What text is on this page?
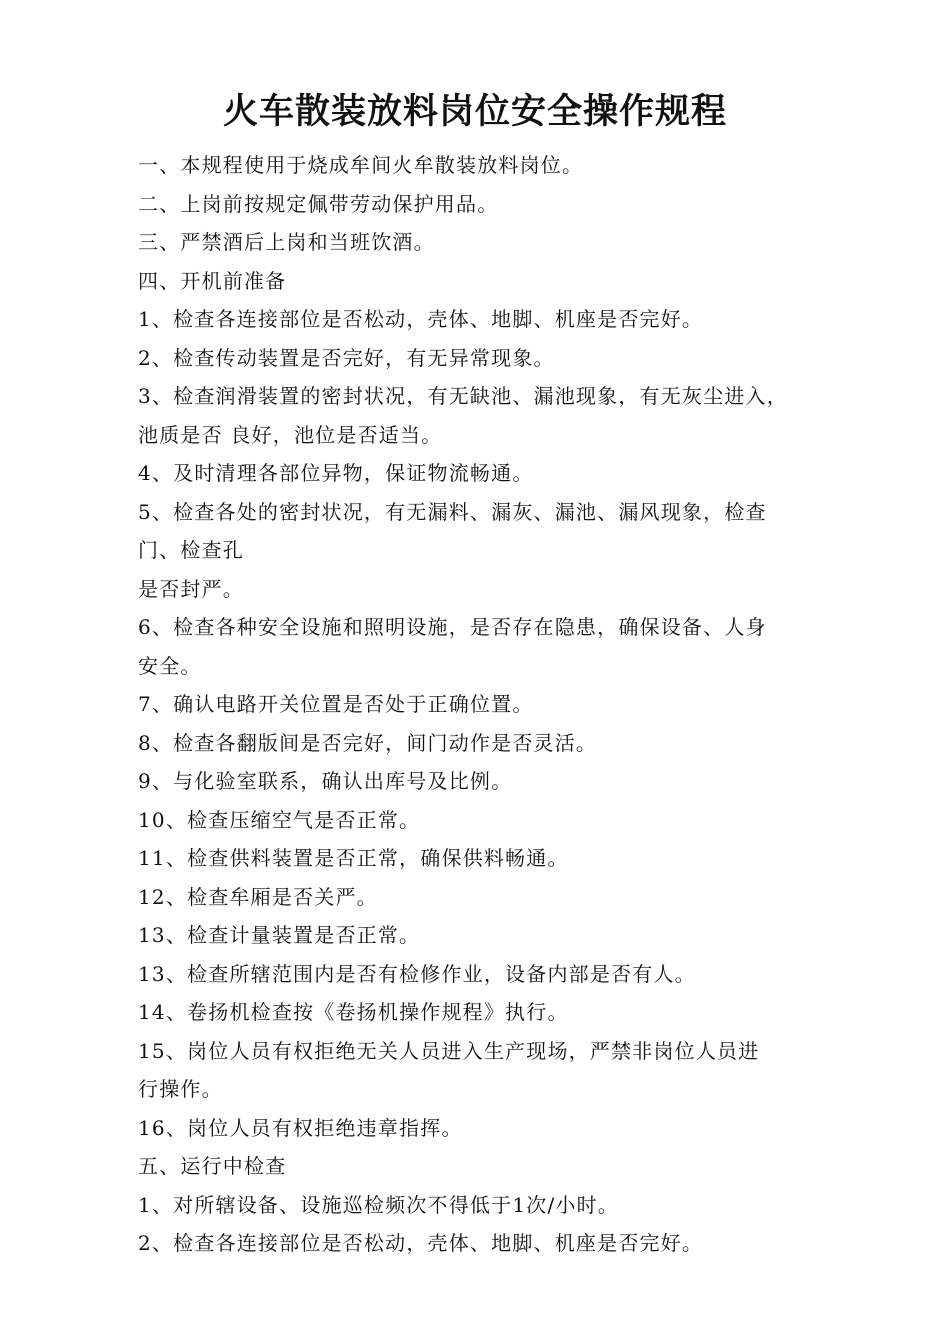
火车散装放料岗位安全操作规程
一、本规程使用于烧成牟间火牟散装放料岗位。
二、上岗前按规定佩带劳动保护用品。
三、严禁酒后上岗和当班饮酒。
四、开机前准备
1、检查各连接部位是否松动，壳体、地脚、机座是否完好。
2、检查传动装置是否完好，有无异常现象。
3、检查润滑装置的密封状况，有无缺池、漏池现象，有无灰尘进入，
池质是否 良好，池位是否适当。
4、及时清理各部位异物，保证物流畅通。
5、检查各处的密封状况，有无漏料、漏灰、漏池、漏风现象，检查
门、检查孔
是否封严。
6、检查各种安全设施和照明设施，是否存在隐患，确保设备、人身
安全。
7、确认电路开关位置是否处于正确位置。
8、检查各翻版间是否完好，间门动作是否灵活。
9、与化验室联系，确认出库号及比例。
10、检查压缩空气是否正常。
11、检查供料装置是否正常，确保供料畅通。
12、检查牟厢是否关严。
13、检查计量装置是否正常。
13、检查所辖范围内是否有检修作业，设备内部是否有人。
14、卷扬机检查按《卷扬机操作规程》执行。
15、岗位人员有权拒绝无关人员进入生产现场，严禁非岗位人员进
行操作。
16、岗位人员有权拒绝违章指挥。
五、运行中检查
1、对所辖设备、设施巡检频次不得低于1次/小时。
2、检查各连接部位是否松动，壳体、地脚、机座是否完好。
